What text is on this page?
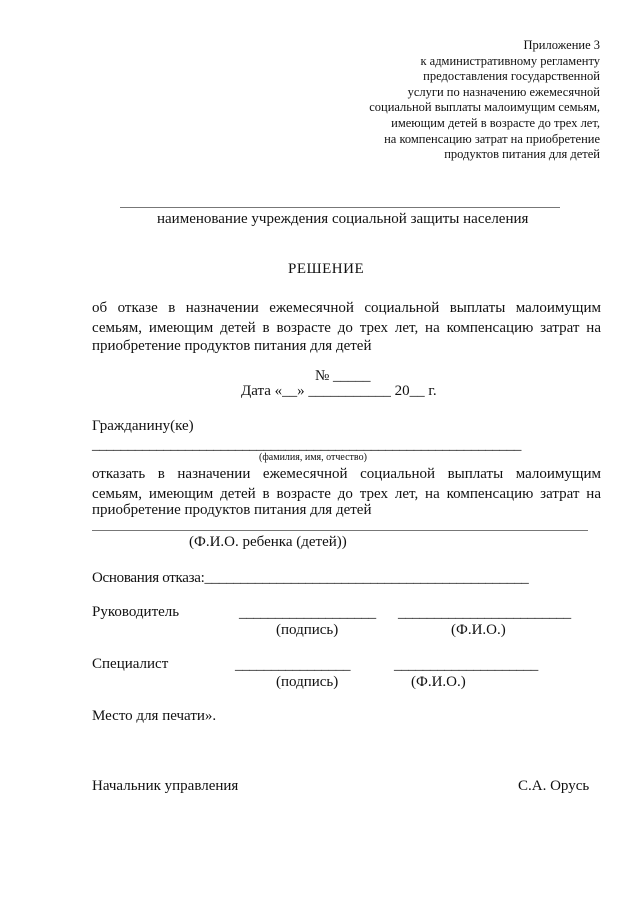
Приложение 3
к административному регламенту
предоставления государственной
услуги по назначению ежемесячной
социальной выплаты малоимущим семьям,
имеющим детей в возрасте до трех лет,
на компенсацию затрат на приобретение
продуктов питания для детей
наименование учреждения социальной защиты населения
РЕШЕНИЕ
об отказе в назначении ежемесячной социальной выплаты малоимущим
семьям, имеющим детей в возрасте до трех лет, на компенсацию затрат на
приобретение продуктов питания для детей
№ _____
Дата «__» ___________ 20__ г.
Гражданину(ке)
____________________________________________________________
(фамилия, имя, отчество)
отказать в назначении ежемесячной социальной выплаты малоимущим
семьям, имеющим детей в возрасте до трех лет, на компенсацию затрат на
приобретение продуктов питания для детей
(Ф.И.О. ребенка (детей))
Основания отказа:_____________________________________________
Руководитель	___________________ ________________________
(подпись)	(Ф.И.О.)
Специалист	________________	____________________
(подпись)	(Ф.И.О.)
Место для печати».
Начальник управления	С.А. Орусь
